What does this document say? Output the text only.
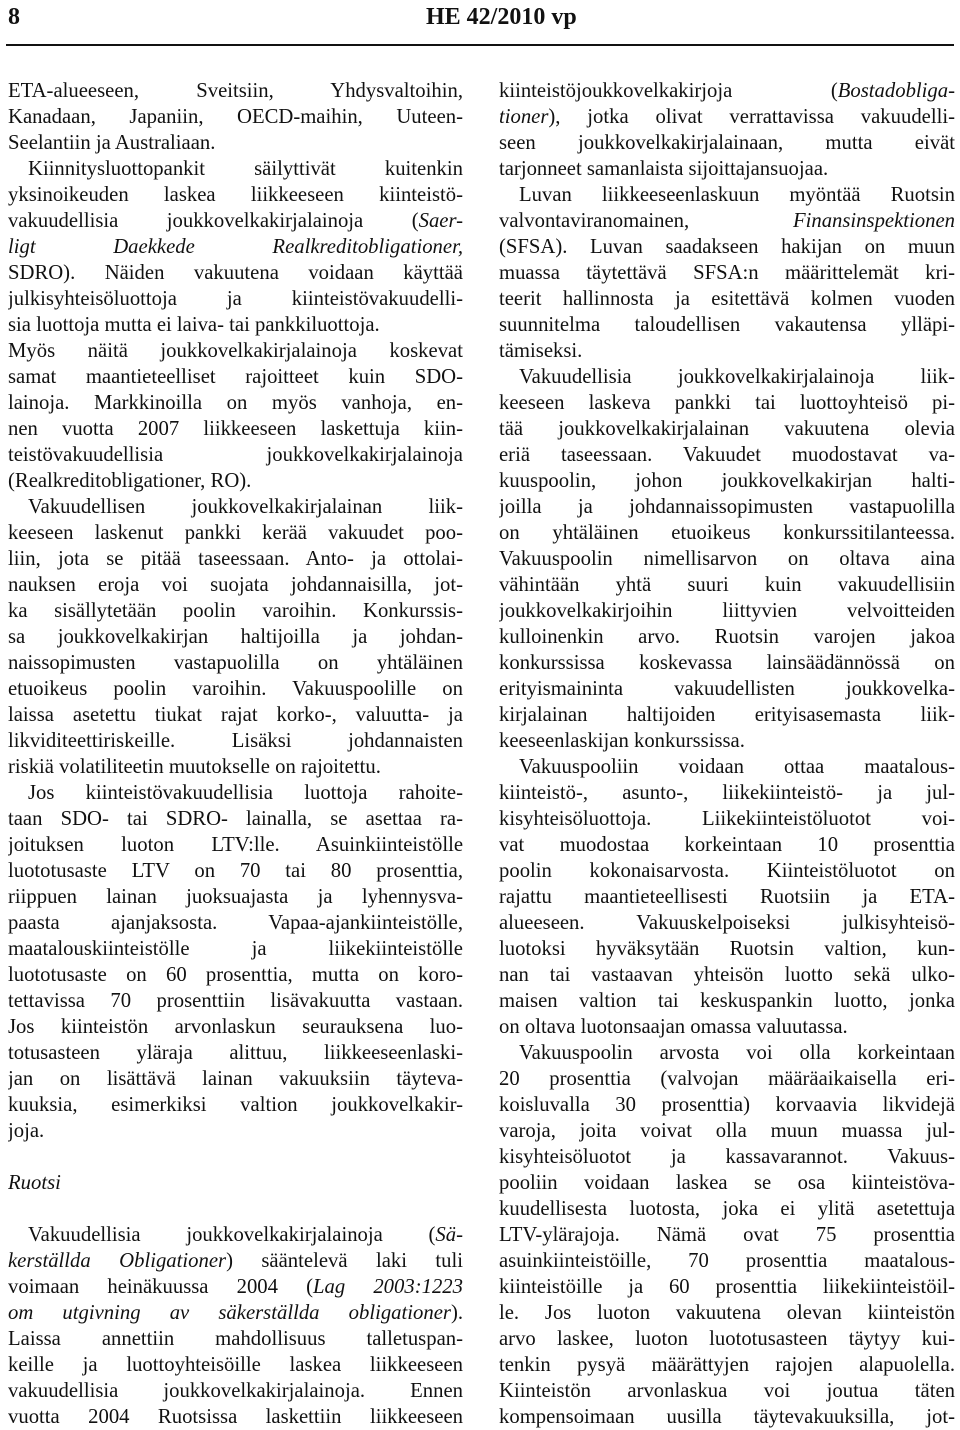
8	HE 42/2010 vp
ETA-alueeseen, Sveitsiin, Yhdysvaltoihin,
Kanadaan, Japaniin, OECD-maihin, Uuteen-
Seelantiin ja Australiaan.
Kiinnitysluottopankit säilyttivät kuitenkin
yksinoikeuden laskea liikkeeseen kiinteistö-
vakuudellisia joukkovelkakirjalainoja (Saer-
ligt Daekkede Realkreditobligationer,
SDRO). Näiden vakuutena voidaan käyttää
julkisyhteisöluottoja ja kiinteistövakuudelli-
sia luottoja mutta ei laiva- tai pankkiluottoja.
Myös näitä joukkovelkakirjalainoja koskevat
samat maantieteelliset rajoitteet kuin SDO-
lainoja. Markkinoilla on myös vanhoja, en-
nen vuotta 2007 liikkeeseen laskettuja kiin-
teistövakuudellisia joukkovelkakirjalainoja
(Realkreditobligationer, RO).
Vakuudellisen joukkovelkakirjalainan liik-
keeseen laskenut pankki kerää vakuudet poo-
liin, jota se pitää taseessaan. Anto- ja ottolai-
nauksen eroja voi suojata johdannaisilla, jot-
ka sisällytetään poolin varoihin. Konkurssis-
sa joukkovelkakirjan haltijoilla ja johdan-
naissopimusten vastapuolilla on yhtäläinen
etuoikeus poolin varoihin. Vakuuspoolille on
laissa asetettu tiukat rajat korko-, valuutta- ja
likviditeettiriskeille. Lisäksi johdannaisten
riskiä volatiliteetin muutokselle on rajoitettu.
Jos kiinteistövakuudellisia luottoja rahoite-
taan SDO- tai SDRO- lainalla, se asettaa ra-
joituksen luoton LTV:lle. Asuinkiinteistölle
luototusaste LTV on 70 tai 80 prosenttia,
riippuen lainan juoksuajasta ja lyhennysva-
paasta ajanjaksosta. Vapaa-ajankiinteistölle,
maatalouskiinteistölle ja liikekiinteistölle
luototusaste on 60 prosenttia, mutta on koro-
tettavissa 70 prosenttiin lisävakuutta vastaan.
Jos kiinteistön arvonlaskun seurauksena luo-
totusasteen yläraja alittuu, liikkeeseenlaski-
jan on lisättävä lainan vakuuksiin täyteva-
kuuksia, esimerkiksi valtion joukkovelkakir-
joja.
Ruotsi
Vakuudellisia joukkovelkakirjalainoja (Sä-
kerställda Obligationer) sääntelevä laki tuli
voimaan heinäkuussa 2004 (Lag 2003:1223
om utgivning av säkerställda obligationer).
Laissa annettiin mahdollisuus talletuspan-
keille ja luottoyhteisöille laskea liikkeeseen
vakuudellisia joukkovelkakirjalainoja. Ennen
vuotta 2004 Ruotsissa laskettiin liikkeeseen
kiinteistöjoukkovelkakirjoja (Bostadobliga-
tioner), jotka olivat verrattavissa vakuudelli-
seen joukkovelkakirjalainaan, mutta eivät
tarjonneet samanlaista sijoittajansuojaa.
Luvan liikkeeseenlaskuun myöntää Ruotsin
valvontaviranomainen, Finansinspektionen
(SFSA). Luvan saadakseen hakijan on muun
muassa täytettävä SFSA:n määrittelemät kri-
teerit hallinnosta ja esitettävä kolmen vuoden
suunnitelma taloudellisen vakautensa ylläpi-
tämiseksi.
Vakuudellisia joukkovelkakirjalainoja liik-
keeseen laskeva pankki tai luottoyhteisö pi-
tää joukkovelkakirjalainan vakuutena olevia
eriä taseessaan. Vakuudet muodostavat va-
kuuspoolin, johon joukkovelkakirjan halti-
joilla ja johdannaissopimusten vastapuolilla
on yhtäläinen etuoikeus konkurssitilanteessa.
Vakuuspoolin nimellisarvon on oltava aina
vähintään yhtä suuri kuin vakuudellisiin
joukkovelkakirjoihin liittyvien velvoitteiden
kulloinenkin arvo. Ruotsin varojen jakoa
konkurssissa koskevassa lainsäädännössä on
erityismaininta vakuudellisten joukkovelka-
kirjalainan haltijoiden erityisasemasta liik-
keeseenlaskijan konkurssissa.
Vakuuspooliin voidaan ottaa maatalous-
kiinteistö-, asunto-, liikekiinteistö- ja jul-
kisyhteisöluottoja. Liikekiinteistöluotot voi-
vat muodostaa korkeintaan 10 prosenttia
poolin kokonaisarvosta. Kiinteistöluotot on
rajattu maantieteellisesti Ruotsiin ja ETA-
alueeseen. Vakuuskelpoiseksi julkisyhteisö-
luotoksi hyväksytään Ruotsin valtion, kun-
nan tai vastaavan yhteisön luotto sekä ulko-
maisen valtion tai keskuspankin luotto, jonka
on oltava luotonsaajan omassa valuutassa.
Vakuuspoolin arvosta voi olla korkeintaan
20 prosenttia (valvojan määräaikaisella eri-
koisluvalla 30 prosenttia) korvaavia likvidejä
varoja, joita voivat olla muun muassa jul-
kisyhteisöluotot ja kassavarannot. Vakuus-
pooliin voidaan laskea se osa kiinteistöva-
kuudellisesta luotosta, joka ei ylitä asetettuja
LTV-ylärajoja. Nämä ovat 75 prosenttia
asuinkiinteistöille, 70 prosenttia maatalous-
kiinteistöille ja 60 prosenttia liikekiinteistöil-
le. Jos luoton vakuutena olevan kiinteistön
arvo laskee, luoton luototusasteen täytyy kui-
tenkin pysyä määrättyjen rajojen alapuolella.
Kiinteistön arvonlaskua voi joutua täten
kompensoimaan uusilla täytevakuuksilla, jot-
